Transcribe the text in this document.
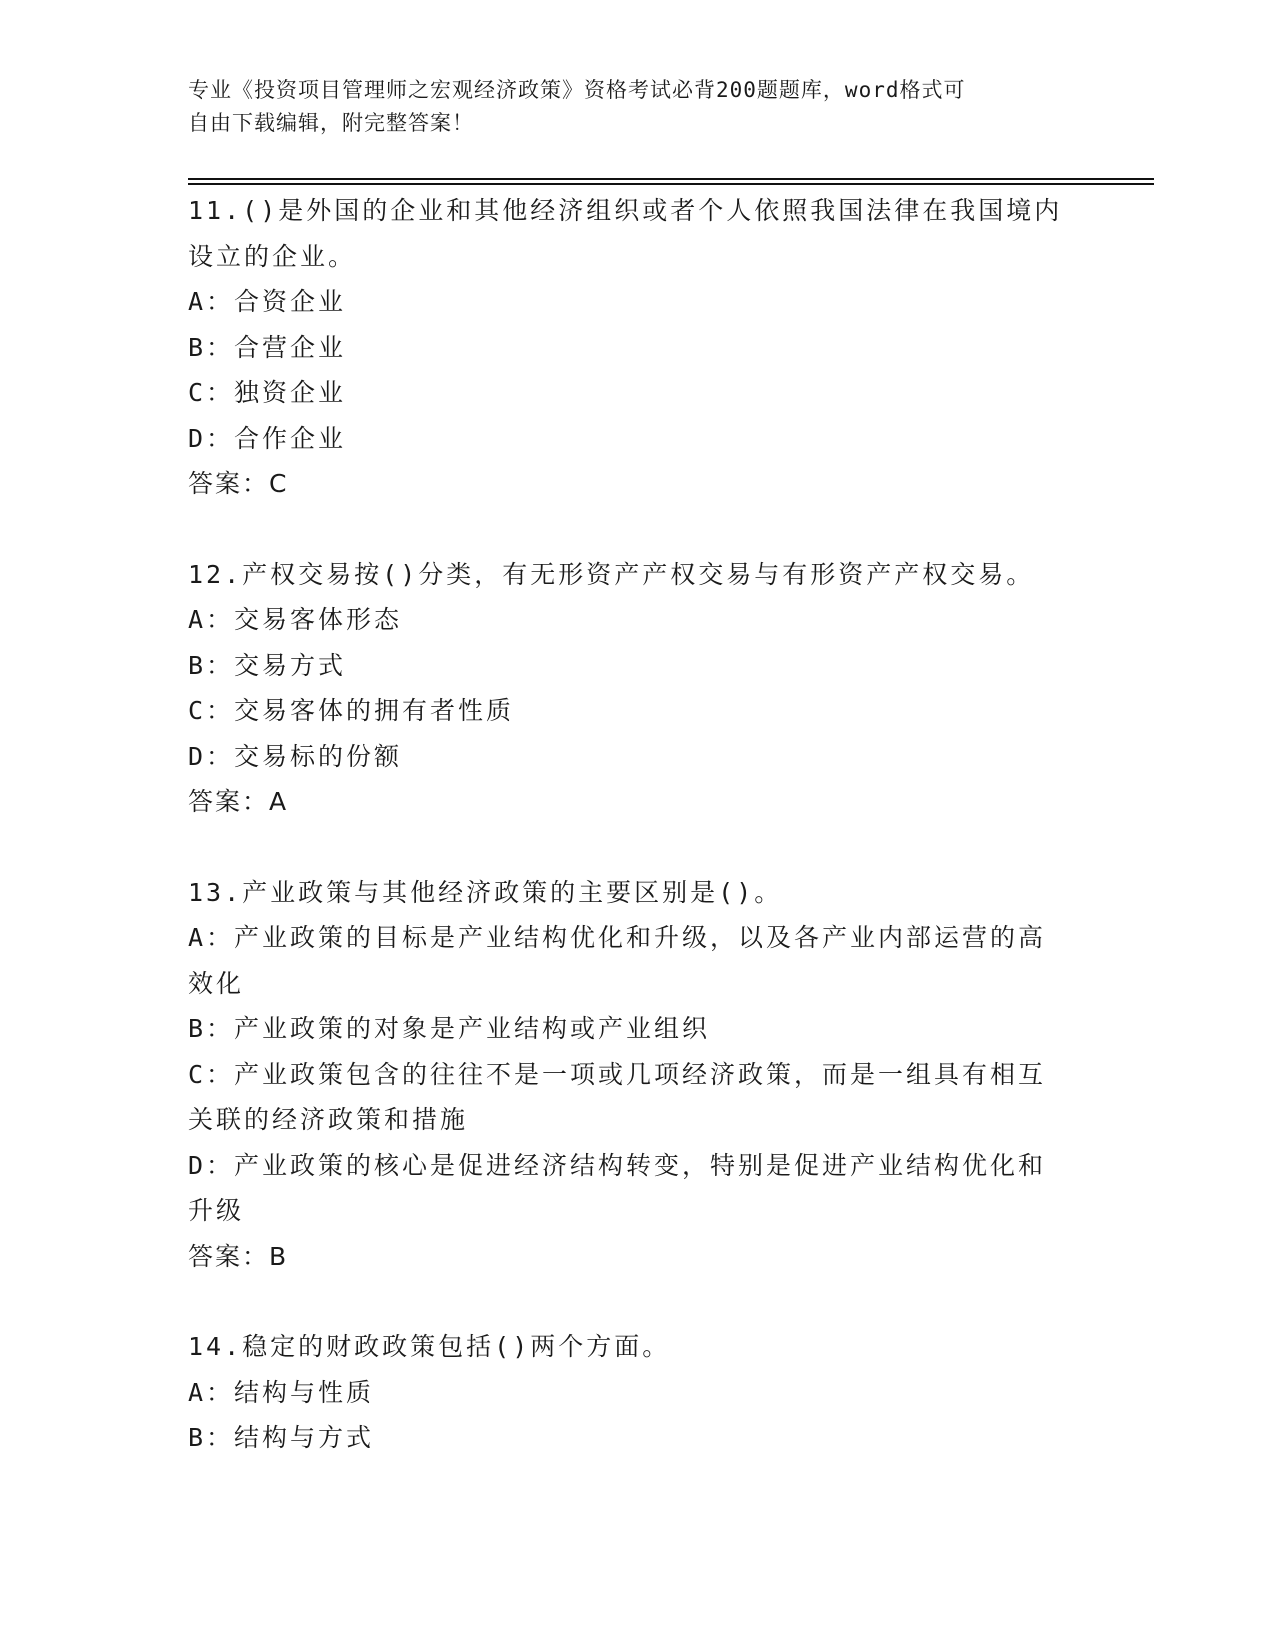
专业《投资项目管理师之宏观经济政策》资格考试必背200题题库，word格式可
自由下载编辑，附完整答案！
11.()是外国的企业和其他经济组织或者个人依照我国法律在我国境内
设立的企业。
A：合资企业
B：合营企业
C：独资企业
D：合作企业
答案：C
12.产权交易按()分类，有无形资产产权交易与有形资产产权交易。
A：交易客体形态
B：交易方式
C：交易客体的拥有者性质
D：交易标的份额
答案：A
13.产业政策与其他经济政策的主要区别是()。
A：产业政策的目标是产业结构优化和升级，以及各产业内部运营的高
效化
B：产业政策的对象是产业结构或产业组织
C：产业政策包含的往往不是一项或几项经济政策，而是一组具有相互
关联的经济政策和措施
D：产业政策的核心是促进经济结构转变，特别是促进产业结构优化和
升级
答案：B
14.稳定的财政政策包括()两个方面。
A：结构与性质
B：结构与方式
